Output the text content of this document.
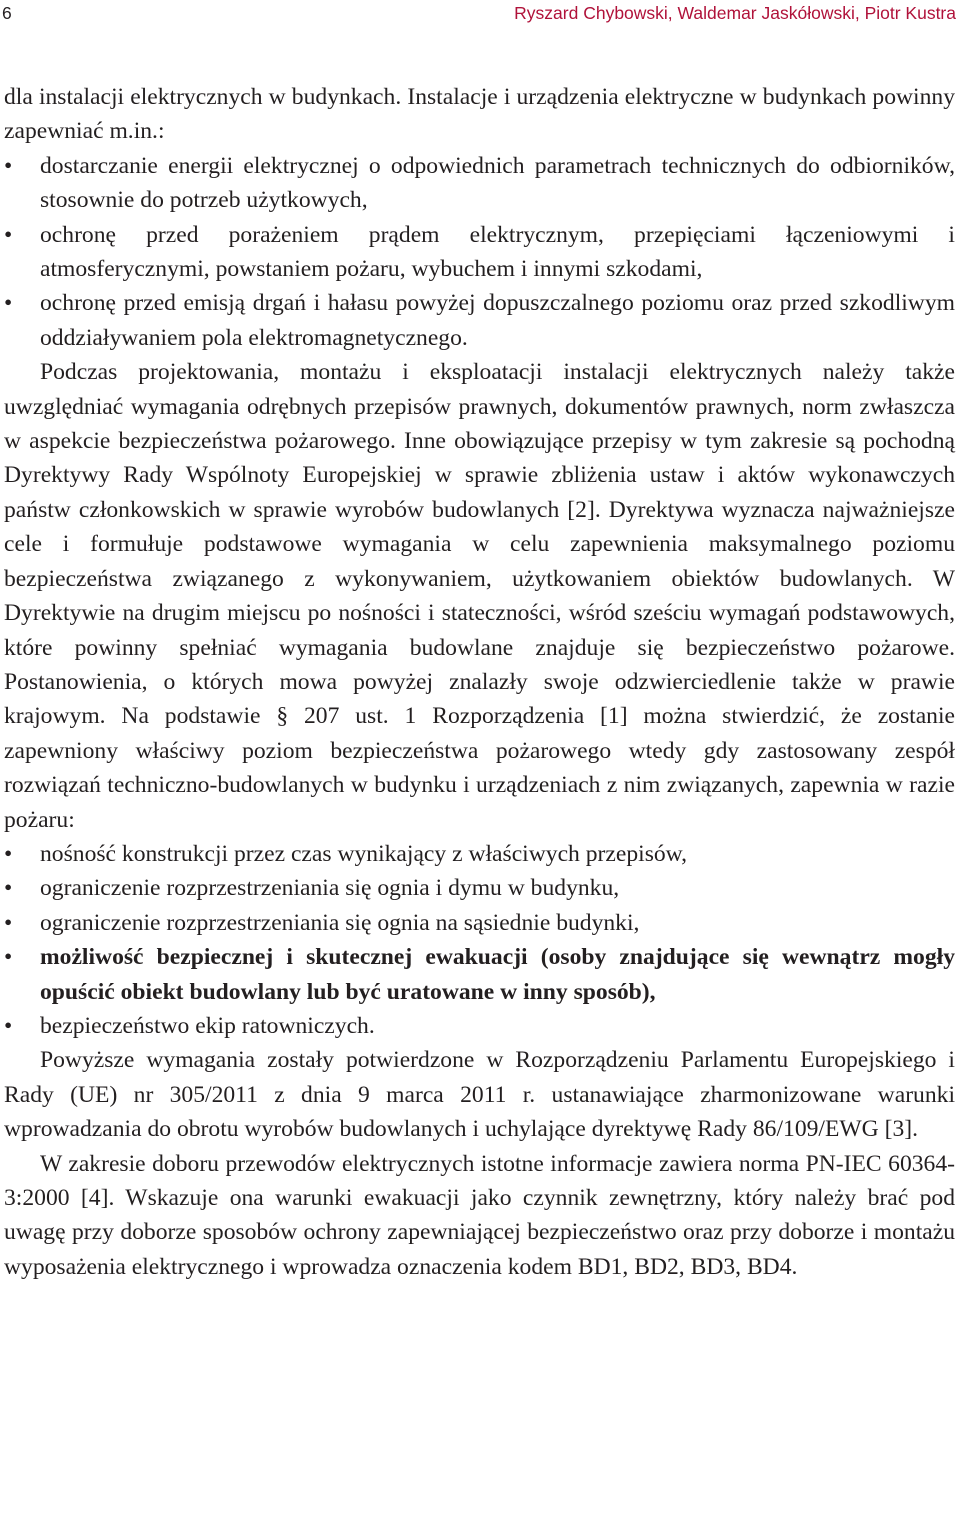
6	Ryszard Chybowski, Waldemar Jaskółowski, Piotr Kustra

dla instalacji elektrycznych w budynkach. Instalacje i urządzenia elektryczne w budynkach powinny zapewniać m.in.:

•	dostarczanie energii elektrycznej o odpowiednich parametrach technicznych do odbiorników, stosownie do potrzeb użytkowych,
•	ochronę przed porażeniem prądem elektrycznym, przepięciami łączeniowymi i atmosferycznymi, powstaniem pożaru, wybuchem i innymi szkodami,
•	ochronę przed emisją drgań i hałasu powyżej dopuszczalnego poziomu oraz przed szkodliwym oddziaływaniem pola elektromagnetycznego.

Podczas projektowania, montażu i eksploatacji instalacji elektrycznych należy także uwzględniać wymagania odrębnych przepisów prawnych, dokumentów prawnych, norm zwłaszcza w aspekcie bezpieczeństwa pożarowego. Inne obowiązujące przepisy w tym zakresie są pochodną Dyrektywy Rady Wspólnoty Europejskiej w sprawie zbliżenia ustaw i aktów wykonawczych państw członkowskich w sprawie wyrobów budowlanych [2]. Dyrektywa wyznacza najważniejsze cele i formułuje podstawowe wymagania w celu zapewnienia maksymalnego poziomu bezpieczeństwa związanego z wykonywaniem, użytkowaniem obiektów budowlanych. W Dyrektywie na drugim miejscu po nośności i stateczności, wśród sześciu wymagań podstawowych, które powinny spełniać wymagania budowlane znajduje się bezpieczeństwo pożarowe. Postanowienia, o których mowa powyżej znalazły swoje odzwierciedlenie także w prawie krajowym. Na podstawie § 207 ust. 1 Rozporządzenia [1] można stwierdzić, że zostanie zapewniony właściwy poziom bezpieczeństwa pożarowego wtedy gdy zastosowany zespół rozwiązań techniczno-budowlanych w budynku i urządzeniach z nim związanych, zapewnia w razie pożaru:

•	nośność konstrukcji przez czas wynikający z właściwych przepisów,
•	ograniczenie rozprzestrzeniania się ognia i dymu w budynku,
•	ograniczenie rozprzestrzeniania się ognia na sąsiednie budynki,
•	możliwość bezpiecznej i skutecznej ewakuacji (osoby znajdujące się wewnątrz mogły opuścić obiekt budowlany lub być uratowane w inny sposób),
•	bezpieczeństwo ekip ratowniczych.

Powyższe wymagania zostały potwierdzone w Rozporządzeniu Parlamentu Europejskiego i Rady (UE) nr 305/2011 z dnia 9 marca 2011 r. ustanawiające zharmonizowane warunki wprowadzania do obrotu wyrobów budowlanych i uchylające dyrektywę Rady 86/109/EWG [3].

W zakresie doboru przewodów elektrycznych istotne informacje zawiera norma PN-IEC 60364-3:2000 [4]. Wskazuje ona warunki ewakuacji jako czynnik zewnętrzny, który należy brać pod uwagę przy doborze sposobów ochrony zapewniającej bezpieczeństwo oraz przy doborze i montażu wyposażenia elektrycznego i wprowadza oznaczenia kodem BD1, BD2, BD3, BD4.
